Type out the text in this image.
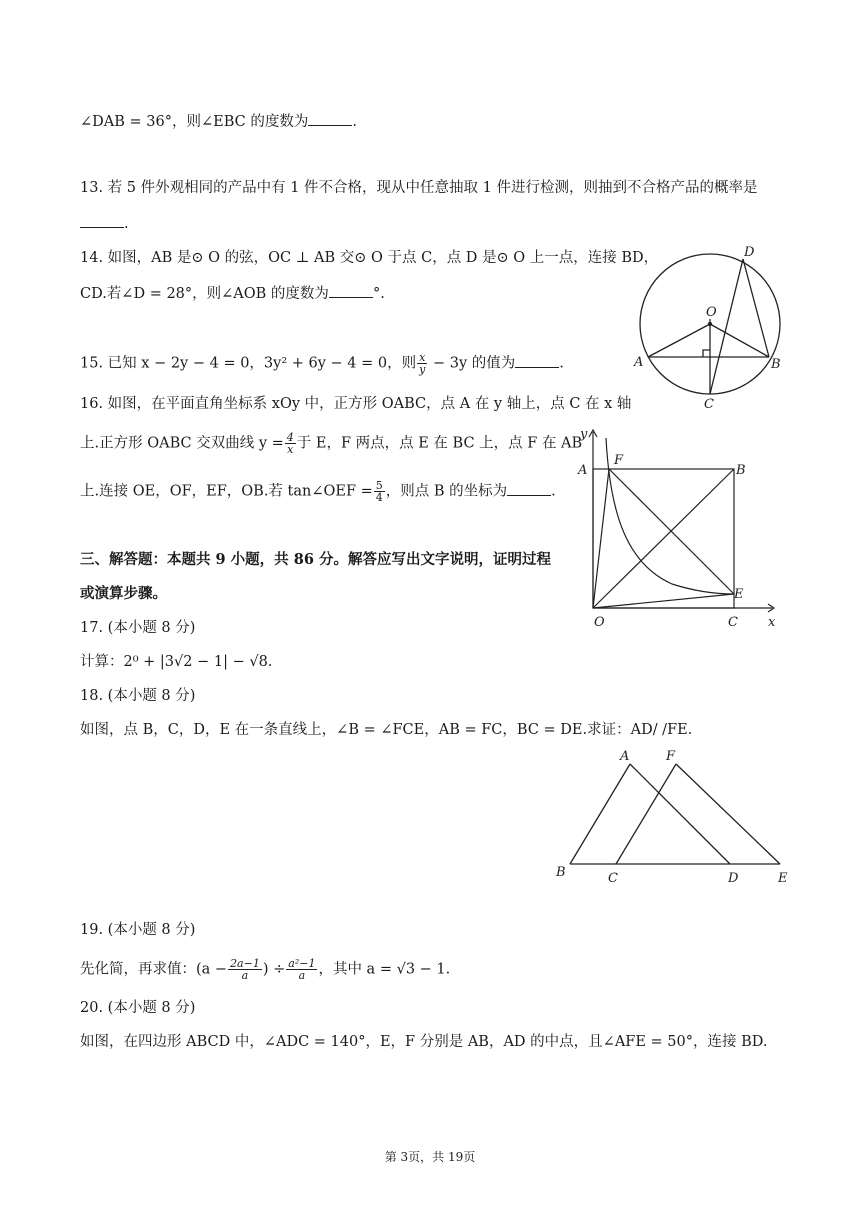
∠DAB = 36°，则∠EBC 的度数为	.
13. 若 5 件外观相同的产品中有 1 件不合格，现从中任意抽取 1 件进行检测，则抽到不合格产品的概率是
.
14. 如图，AB 是⊙ O 的弦，OC ⊥ AB 交⊙ O 于点 C，点 D 是⊙ O 上一点，连接 BD，
CD.若∠D = 28°，则∠AOB 的度数为	°.
15. 已知 x − 2y − 4 = 0，3y² + 6y − 4 = 0，则 $\frac{x}{y} - 3y$ 的值为	.
16. 如图，在平面直角坐标系 xOy 中，正方形 OABC，点 A 在 y 轴上，点 C 在 x 轴
上.正方形 OABC 交双曲线 $y = \frac{4}{x}$ 于 E，F 两点，点 E 在 BC 上，点 F 在 AB
上.连接 OE，OF，EF，OB.若 tan∠OEF = $\frac{5}{4}$ ，则点 B 的坐标为	.
三、解答题：本题共 9 小题，共 86 分。解答应写出文字说明，证明过程
或演算步骤。
17. (本小题 8 分)
计算：2⁰ + |3√2 − 1| − √8.
18. (本小题 8 分)
如图，点 B，C，D，E 在一条直线上，∠B = ∠FCE，AB = FC，BC = DE.求证：AD/ /FE.
19. (本小题 8 分)
先化简，再求值：($a - \frac{2a-1}{a}$ ) ÷ $\frac{\text{a²−1}}{a}$ ，其中 a = √3 − 1.
20. (本小题 8 分)
如图，在四边形 ABCD 中，∠ADC = 140°，E，F 分别是 AB，AD 的中点，且∠AFE = 50°，连接 BD.
D
O
A	B
C
y
A
F
B
E
O	C x
A	F
B	C	D	E
第 3页，共 19页
